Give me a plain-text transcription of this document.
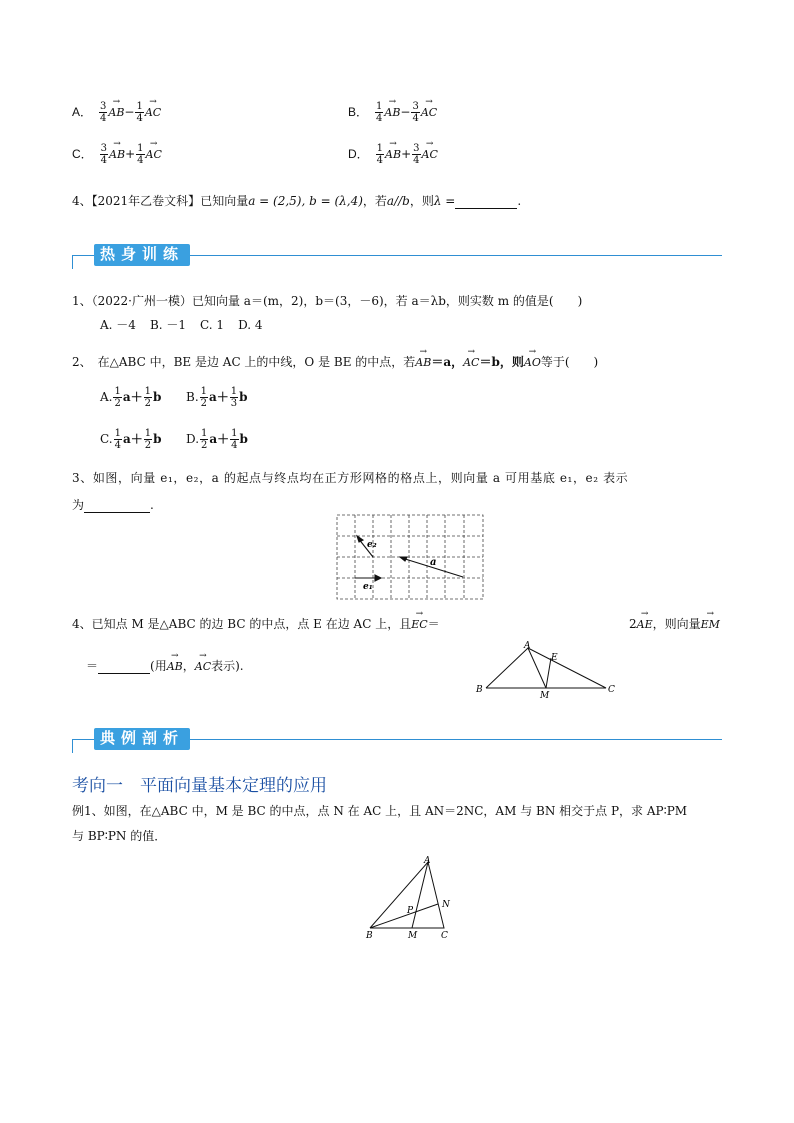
A． $\frac{3}{4}$
→ $AB- \frac{1}{4}$
→ AC	B． $\frac{1}{4}$
→ $AB- \frac{3}{4}$
→ AC
C． $\frac{3}{4}$
→ $AB+ \frac{1}{4}$
→ AC	D． $\frac{1}{4}$
→ $AB+ \frac{3}{4}$
→ AC
4、【2021年乙卷文科】已知向量a = (2,5), b = (λ,4)，若a//b，则λ =	.
热身训练
1、（2022·广州一模）已知向量 a＝(m，2)，b＝(3，－6)，若 a＝λb，则实数 m 的值是(　　)
A. －4 B. －1 C. 1 D. 4
2、　在△ABC 中，BE 是边 AC 上的中线，O 是 BE 的中点，若→ AB＝a，→ AC＝b，则→ AO等于(　　)
A. $\frac{1}{2} a+ \frac{1}{2}$ b B. $\frac{1}{2} a+ \frac{1}{3}$ b
C. $\frac{1}{4} a+ \frac{1}{2}$ b D. $\frac{1}{2} a+ \frac{1}{4}$ b
3、如图，向量 e₁，e₂，a 的起点与终点均在正方形网格的格点上，则向量 a 可用基底 e₁，e₂ 表示
为	.
e₂
e₁
a
4、已知点 M 是△ABC 的边 BC 的中点，点 E 在边 AC 上，且→ EC＝	2→ AE，则向量→ EM
＝	(用→ AB，→ AC表示).
A
E
B
M
C
典例剖析
考向一　平面向量基本定理的应用
例1、如图，在△ABC 中，M 是 BC 的中点，点 N 在 AC 上，且 AN＝2NC，AM 与 BN 相交于点 P，求 AP∶PM
与 BP∶PN 的值．
A
N
P
B	M	C
